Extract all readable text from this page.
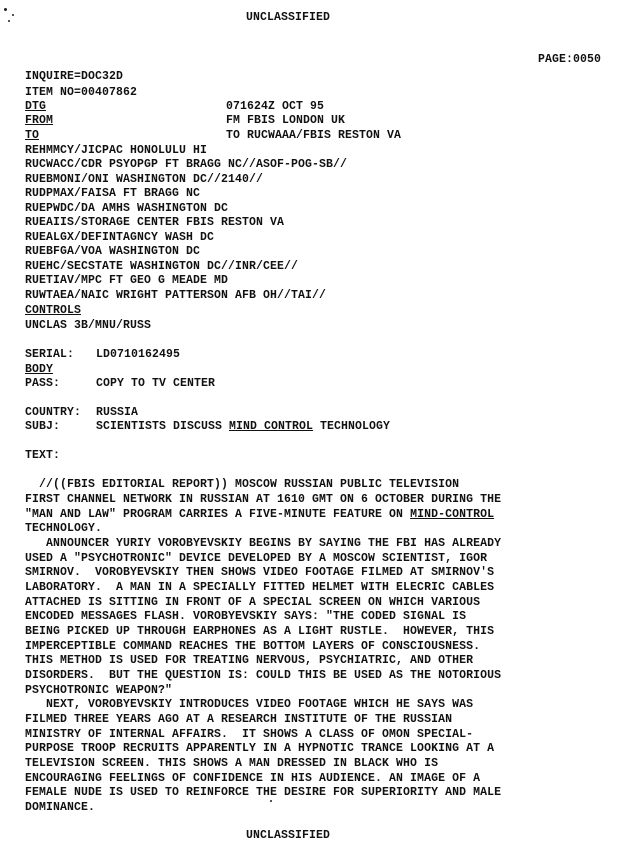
UNCLASSIFIED
PAGE:0050
INQUIRE=DOC32D
ITEM NO=00407862
DTG	071624Z OCT 95
FROM	FM FBIS LONDON UK
TO	TO RUCWAAA/FBIS RESTON VA
REHMMCY/JICPAC HONOLULU HI
RUCWACC/CDR PSYOPGP FT BRAGG NC//ASOF-POG-SB//
RUEBMONI/ONI WASHINGTON DC//2140//
RUDPMAX/FAISA FT BRAGG NC
RUEPWDC/DA AMHS WASHINGTON DC
RUEAIIS/STORAGE CENTER FBIS RESTON VA
RUEALGX/DEFINTAGNCY WASH DC
RUEBFGA/VOA WASHINGTON DC
RUEHC/SECSTATE WASHINGTON DC//INR/CEE//
RUETIAV/MPC FT GEO G MEADE MD
RUWTAEA/NAIC WRIGHT PATTERSON AFB OH//TAI//
CONTROLS
UNCLAS 3B/MNU/RUSS
SERIAL: LD0710162495
BODY
PASS:	COPY TO TV CENTER
COUNTRY: RUSSIA
SUBJ:	SCIENTISTS DISCUSS MIND CONTROL TECHNOLOGY
TEXT:
//((FBIS EDITORIAL REPORT)) MOSCOW RUSSIAN PUBLIC TELEVISION
FIRST CHANNEL NETWORK IN RUSSIAN AT 1610 GMT ON 6 OCTOBER DURING THE
"MAN AND LAW" PROGRAM CARRIES A FIVE-MINUTE FEATURE ON MIND-CONTROL
TECHNOLOGY.
ANNOUNCER YURIY VOROBYEVSKIY BEGINS BY SAYING THE FBI HAS ALREADY
USED A "PSYCHOTRONIC" DEVICE DEVELOPED BY A MOSCOW SCIENTIST, IGOR
SMIRNOV.  VOROBYEVSKIY THEN SHOWS VIDEO FOOTAGE FILMED AT SMIRNOV'S
LABORATORY.  A MAN IN A SPECIALLY FITTED HELMET WITH ELECRIC CABLES
ATTACHED IS SITTING IN FRONT OF A SPECIAL SCREEN ON WHICH VARIOUS
ENCODED MESSAGES FLASH. VOROBYEVSKIY SAYS: "THE CODED SIGNAL IS
BEING PICKED UP THROUGH EARPHONES AS A LIGHT RUSTLE.  HOWEVER, THIS
IMPERCEPTIBLE COMMAND REACHES THE BOTTOM LAYERS OF CONSCIOUSNESS.
THIS METHOD IS USED FOR TREATING NERVOUS, PSYCHIATRIC, AND OTHER
DISORDERS.  BUT THE QUESTION IS: COULD THIS BE USED AS THE NOTORIOUS
PSYCHOTRONIC WEAPON?"
NEXT, VOROBYEVSKIY INTRODUCES VIDEO FOOTAGE WHICH HE SAYS WAS
FILMED THREE YEARS AGO AT A RESEARCH INSTITUTE OF THE RUSSIAN
MINISTRY OF INTERNAL AFFAIRS.  IT SHOWS A CLASS OF OMON SPECIAL-
PURPOSE TROOP RECRUITS APPARENTLY IN A HYPNOTIC TRANCE LOOKING AT A
TELEVISION SCREEN. THIS SHOWS A MAN DRESSED IN BLACK WHO IS
ENCOURAGING FEELINGS OF CONFIDENCE IN HIS AUDIENCE. AN IMAGE OF A
FEMALE NUDE IS USED TO REINFORCE THE DESIRE FOR SUPERIORITY AND MALE
DOMINANCE.
UNCLASSIFIED
